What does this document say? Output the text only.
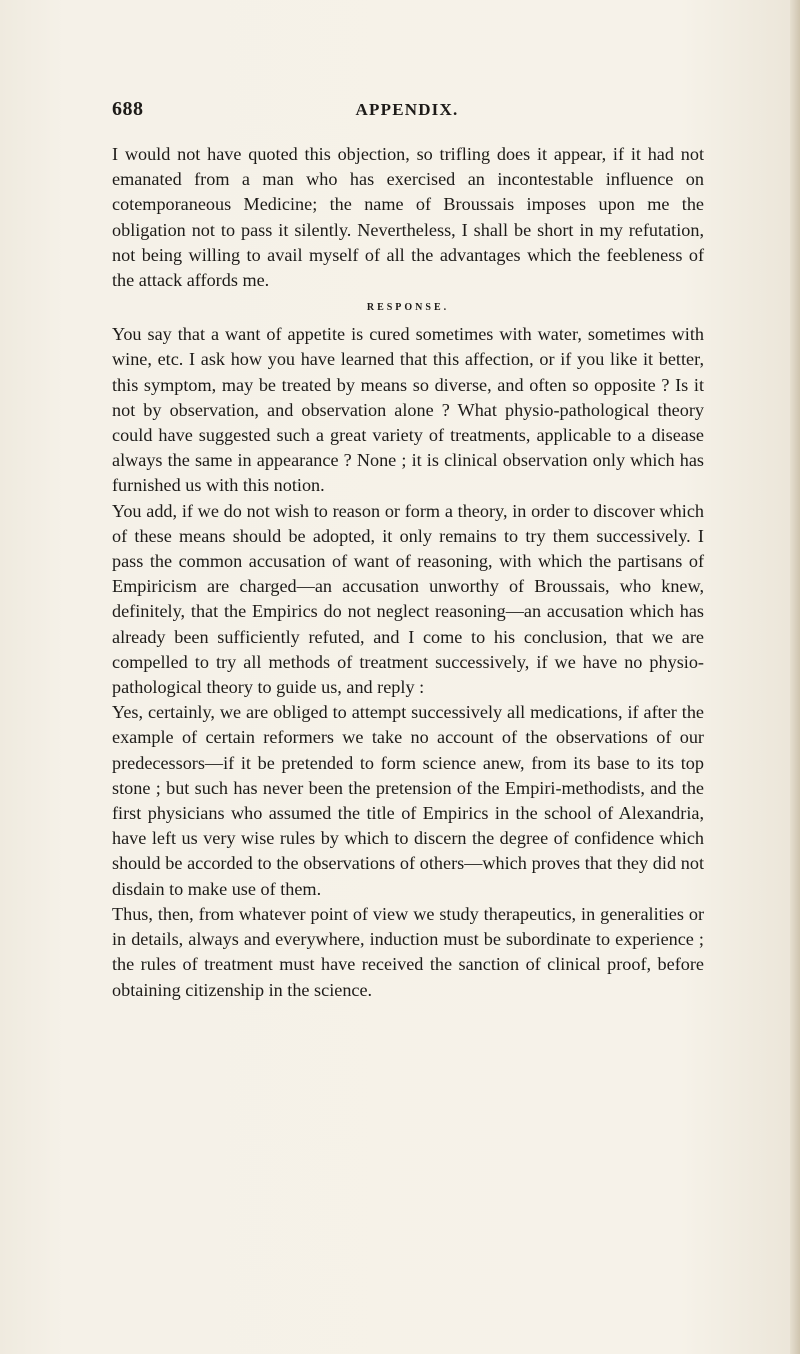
688	APPENDIX.

I would not have quoted this objection, so trifling does it appear, if it had not emanated from a man who has exercised an incontestable influence on cotemporaneous Medicine; the name of Broussais imposes upon me the obligation not to pass it silently. Nevertheless, I shall be short in my refutation, not being willing to avail myself of all the advantages which the feebleness of the attack affords me.

RESPONSE.

You say that a want of appetite is cured sometimes with water, sometimes with wine, etc. I ask how you have learned that this affection, or if you like it better, this symptom, may be treated by means so diverse, and often so opposite ? Is it not by observation, and observation alone ? What physio-pathological theory could have suggested such a great variety of treatments, applicable to a disease always the same in appearance ? None ; it is clinical observation only which has furnished us with this notion.

You add, if we do not wish to reason or form a theory, in order to discover which of these means should be adopted, it only remains to try them successively. I pass the common accusation of want of reasoning, with which the partisans of Empiricism are charged—an accusation unworthy of Broussais, who knew, definitely, that the Empirics do not neglect reasoning—an accusation which has already been sufficiently refuted, and I come to his conclusion, that we are compelled to try all methods of treatment successively, if we have no physio-pathological theory to guide us, and reply :

Yes, certainly, we are obliged to attempt successively all medications, if after the example of certain reformers we take no account of the observations of our predecessors—if it be pretended to form science anew, from its base to its top stone ; but such has never been the pretension of the Empiri-methodists, and the first physicians who assumed the title of Empirics in the school of Alexandria, have left us very wise rules by which to discern the degree of confidence which should be accorded to the observations of others—which proves that they did not disdain to make use of them.

Thus, then, from whatever point of view we study therapeutics, in generalities or in details, always and everywhere, induction must be subordinate to experience ; the rules of treatment must have received the sanction of clinical proof, before obtaining citizenship in the science.
